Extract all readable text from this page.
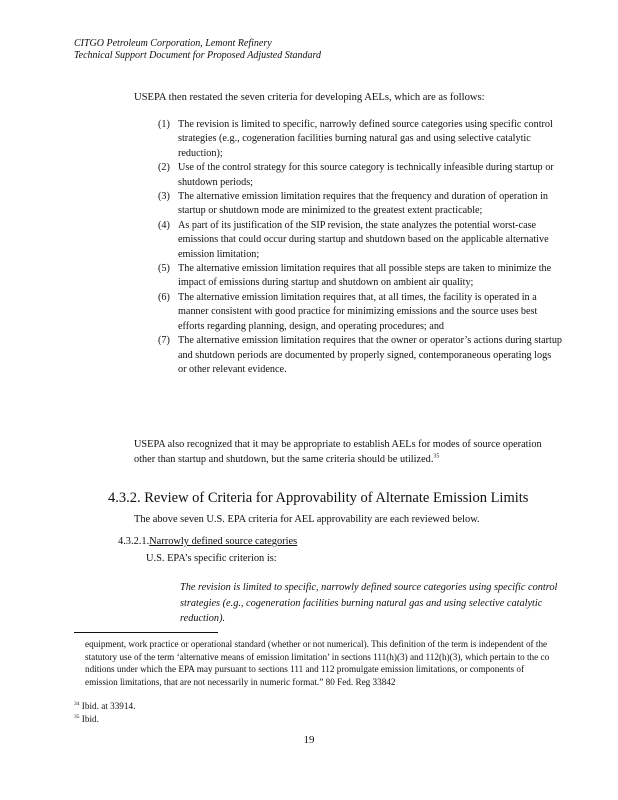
CITGO Petroleum Corporation, Lemont Refinery
Technical Support Document for Proposed Adjusted Standard
USEPA then restated the seven criteria for developing AELs, which are as follows:
(1) The revision is limited to specific, narrowly defined source categories using specific control strategies (e.g., cogeneration facilities burning natural gas and using selective catalytic reduction);
(2) Use of the control strategy for this source category is technically infeasible during startup or shutdown periods;
(3) The alternative emission limitation requires that the frequency and duration of operation in startup or shutdown mode are minimized to the greatest extent practicable;
(4) As part of its justification of the SIP revision, the state analyzes the potential worst-case emissions that could occur during startup and shutdown based on the applicable alternative emission limitation;
(5) The alternative emission limitation requires that all possible steps are taken to minimize the impact of emissions during startup and shutdown on ambient air quality;
(6) The alternative emission limitation requires that, at all times, the facility is operated in a manner consistent with good practice for minimizing emissions and the source uses best efforts regarding planning, design, and operating procedures; and
(7) The alternative emission limitation requires that the owner or operator’s actions during startup and shutdown periods are documented by properly signed, contemporaneous operating logs or other relevant evidence.
USEPA also recognized that it may be appropriate to establish AELs for modes of source operation other than startup and shutdown, but the same criteria should be utilized.$^{35}$
4.3.2. Review of Criteria for Approvability of Alternate Emission Limits
The above seven U.S. EPA criteria for AEL approvability are each reviewed below.
4.3.2.1.Narrowly defined source categories
U.S. EPA’s specific criterion is:
The revision is limited to specific, narrowly defined source categories using specific control strategies (e.g., cogeneration facilities burning natural gas and using selective catalytic reduction).
equipment, work practice or operational standard (whether or not numerical). This definition of the term is independent of the statutory use of the term ‘alternative means of emission limitation’ in sections 111(h)(3) and 112(h)(3), which pertain to the co nditions under which the EPA may pursuant to sections 111 and 112 promulgate emission limitations, or components of emission limitations, that are not necessarily in numeric format.” 80 Fed. Reg 33842
$^{34}$ Ibid. at 33914.
$^{35}$ Ibid.
19
